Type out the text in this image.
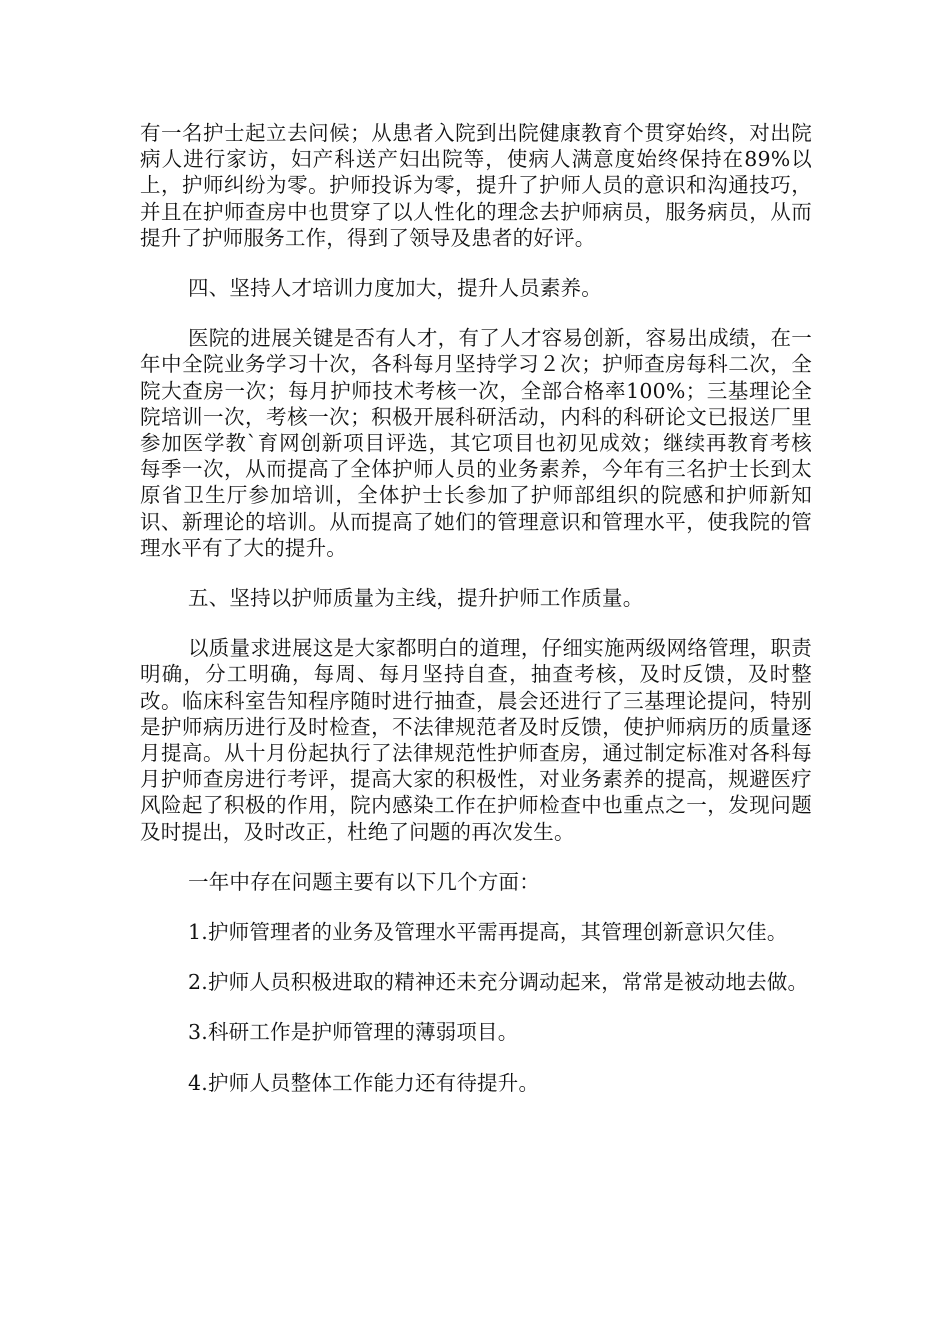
有一名护士起立去问候；从患者入院到出院健康教育个贯穿始终，对出院病人进行家访，妇产科送产妇出院等，使病人满意度始终保持在89%以上，护师纠纷为零。护师投诉为零，提升了护师人员的意识和沟通技巧，并且在护师查房中也贯穿了以人性化的理念去护师病员，服务病员，从而提升了护师服务工作，得到了领导及患者的好评。

四、坚持人才培训力度加大，提升人员素养。

医院的进展关键是否有人才，有了人才容易创新，容易出成绩，在一年中全院业务学习十次，各科每月坚持学习２次；护师查房每科二次，全院大查房一次；每月护师技术考核一次，全部合格率100%；三基理论全院培训一次，考核一次；积极开展科研活动，内科的科研论文已报送厂里参加医学教`育网创新项目评选，其它项目也初见成效；继续再教育考核每季一次，从而提高了全体护师人员的业务素养，今年有三名护士长到太原省卫生厅参加培训，全体护士长参加了护师部组织的院感和护师新知识、新理论的培训。从而提高了她们的管理意识和管理水平，使我院的管理水平有了大的提升。

五、坚持以护师质量为主线，提升护师工作质量。

以质量求进展这是大家都明白的道理，仔细实施两级网络管理，职责明确，分工明确，每周、每月坚持自查，抽查考核，及时反馈，及时整改。临床科室告知程序随时进行抽查，晨会还进行了三基理论提问，特别是护师病历进行及时检查，不法律规范者及时反馈，使护师病历的质量逐月提高。从十月份起执行了法律规范性护师查房，通过制定标准对各科每月护师查房进行考评，提高大家的积极性，对业务素养的提高，规避医疗风险起了积极的作用，院内感染工作在护师检查中也重点之一，发现问题及时提出，及时改正，杜绝了问题的再次发生。

一年中存在问题主要有以下几个方面：

1.护师管理者的业务及管理水平需再提高，其管理创新意识欠佳。

2.护师人员积极进取的精神还未充分调动起来，常常是被动地去做。

3.科研工作是护师管理的薄弱项目。

4.护师人员整体工作能力还有待提升。
